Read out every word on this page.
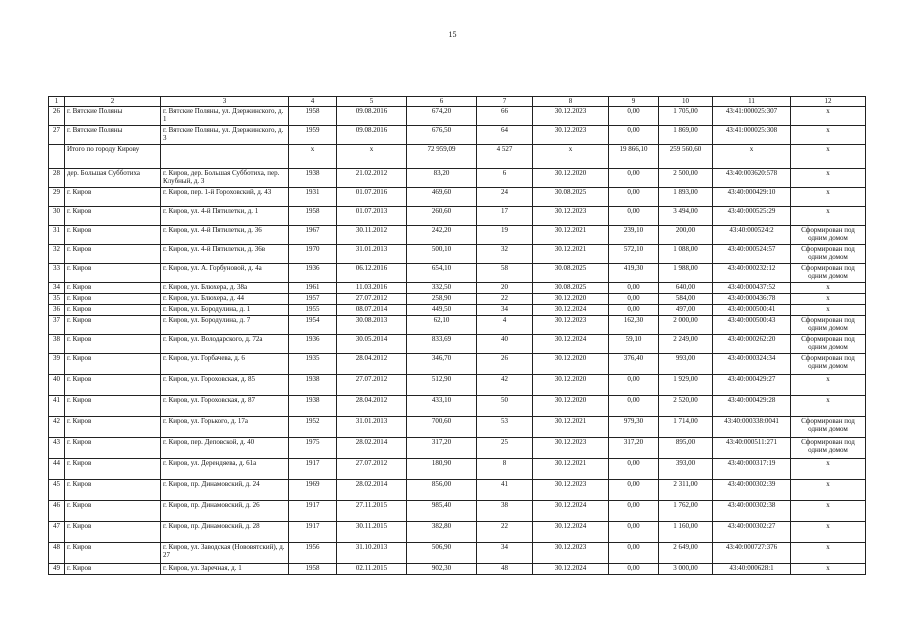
15
1	2	3	4	5	6	7	8	9	10	11	12
26	г. Вятские Поляны	г. Вятские Поляны, ул. Дзержинского, д. 1	1958	09.08.2016	674,20	66	30.12.2023	0,00	1 705,00	43:41:000025:307	x
27	г. Вятские Поляны	г. Вятские Поляны, ул. Дзержинского, д. 3	1959	09.08.2016	676,50	64	30.12.2023	0,00	1 869,00	43:41:000025:308	x
	Итого по городу Кирову		x	x	72 959,09	4 527	x	19 866,10	259 560,60	x	x
28	дер. Большая Субботиха	г. Киров, дер. Большая Субботиха, пер. Клубный, д. 3	1938	21.02.2012	83,20	6	30.12.2020	0,00	2 500,00	43:40:003620:578	x
29	г. Киров	г. Киров, пер. 1-й Гороховский, д. 43	1931	01.07.2016	469,60	24	30.08.2025	0,00	1 893,00	43:40:000429:10	x
30	г. Киров	г. Киров, ул. 4-й Пятилетки, д. 1	1958	01.07.2013	260,60	17	30.12.2023	0,00	3 494,00	43:40:000525:29	x
31	г. Киров	г. Киров, ул. 4-й Пятилетки, д. 36	1967	30.11.2012	242,20	19	30.12.2021	239,10	200,00	43:40:000524:2	Сформирован под одним домом
32	г. Киров	г. Киров, ул. 4-й Пятилетки, д. 36в	1970	31.01.2013	500,10	32	30.12.2021	572,10	1 088,00	43:40:000524:57	Сформирован под одним домом
33	г. Киров	г. Киров, ул. А. Горбуновой, д. 4а	1936	06.12.2016	654,10	58	30.08.2025	419,30	1 988,00	43:40:000232:12	Сформирован под одним домом
34	г. Киров	г. Киров, ул. Блюхера, д. 38а	1961	11.03.2016	332,50	20	30.08.2025	0,00	640,00	43:40:000437:52	x
35	г. Киров	г. Киров, ул. Блюхера, д. 44	1957	27.07.2012	258,90	22	30.12.2020	0,00	584,00	43:40:000436:78	x
36	г. Киров	г. Киров, ул. Бородулина, д. 1	1955	08.07.2014	449,50	34	30.12.2024	0,00	497,00	43:40:000500:41	x
37	г. Киров	г. Киров, ул. Бородулина, д. 7	1954	30.08.2013	62,10	4	30.12.2023	162,30	2 000,00	43:40:000500:43	Сформирован под одним домом
38	г. Киров	г. Киров, ул. Володарского, д. 72а	1936	30.05.2014	833,69	40	30.12.2024	59,10	2 249,00	43:40:000262:20	Сформирован под одним домом
39	г. Киров	г. Киров, ул. Горбачева, д. 6	1935	28.04.2012	346,70	26	30.12.2020	376,40	993,00	43:40:000324:34	Сформирован под одним домом
40	г. Киров	г. Киров, ул. Гороховская, д. 85	1938	27.07.2012	512,90	42	30.12.2020	0,00	1 929,00	43:40:000429:27	x
41	г. Киров	г. Киров, ул. Гороховская, д. 87	1938	28.04.2012	433,10	50	30.12.2020	0,00	2 520,00	43:40:000429:28	x
42	г. Киров	г. Киров, ул. Горького, д. 17а	1952	31.01.2013	700,60	53	30.12.2021	979,30	1 714,00	43:40:000338:0041	Сформирован под одним домом
43	г. Киров	г. Киров, пер. Деповской, д. 40	1975	28.02.2014	317,20	25	30.12.2023	317,20	895,00	43:40:000511:271	Сформирован под одним домом
44	г. Киров	г. Киров, ул. Дерендяева, д. 61а	1917	27.07.2012	180,90	8	30.12.2021	0,00	393,00	43:40:000317:19	x
45	г. Киров	г. Киров, пр. Динамовский, д. 24	1969	28.02.2014	856,00	41	30.12.2023	0,00	2 311,00	43:40:000302:39	x
46	г. Киров	г. Киров, пр. Динамовский, д. 26	1917	27.11.2015	985,40	38	30.12.2024	0,00	1 762,00	43:40:000302:38	x
47	г. Киров	г. Киров, пр. Динамовский, д. 28	1917	30.11.2015	382,80	22	30.12.2024	0,00	1 160,00	43:40:000302:27	x
48	г. Киров	г. Киров, ул. Заводская (Нововятский), д. 27	1956	31.10.2013	506,90	34	30.12.2023	0,00	2 649,00	43:40:000727:376	x
49	г. Киров	г. Киров, ул. Заречная, д. 1	1958	02.11.2015	902,30	48	30.12.2024	0,00	3 000,00	43:40:000628:1	x
